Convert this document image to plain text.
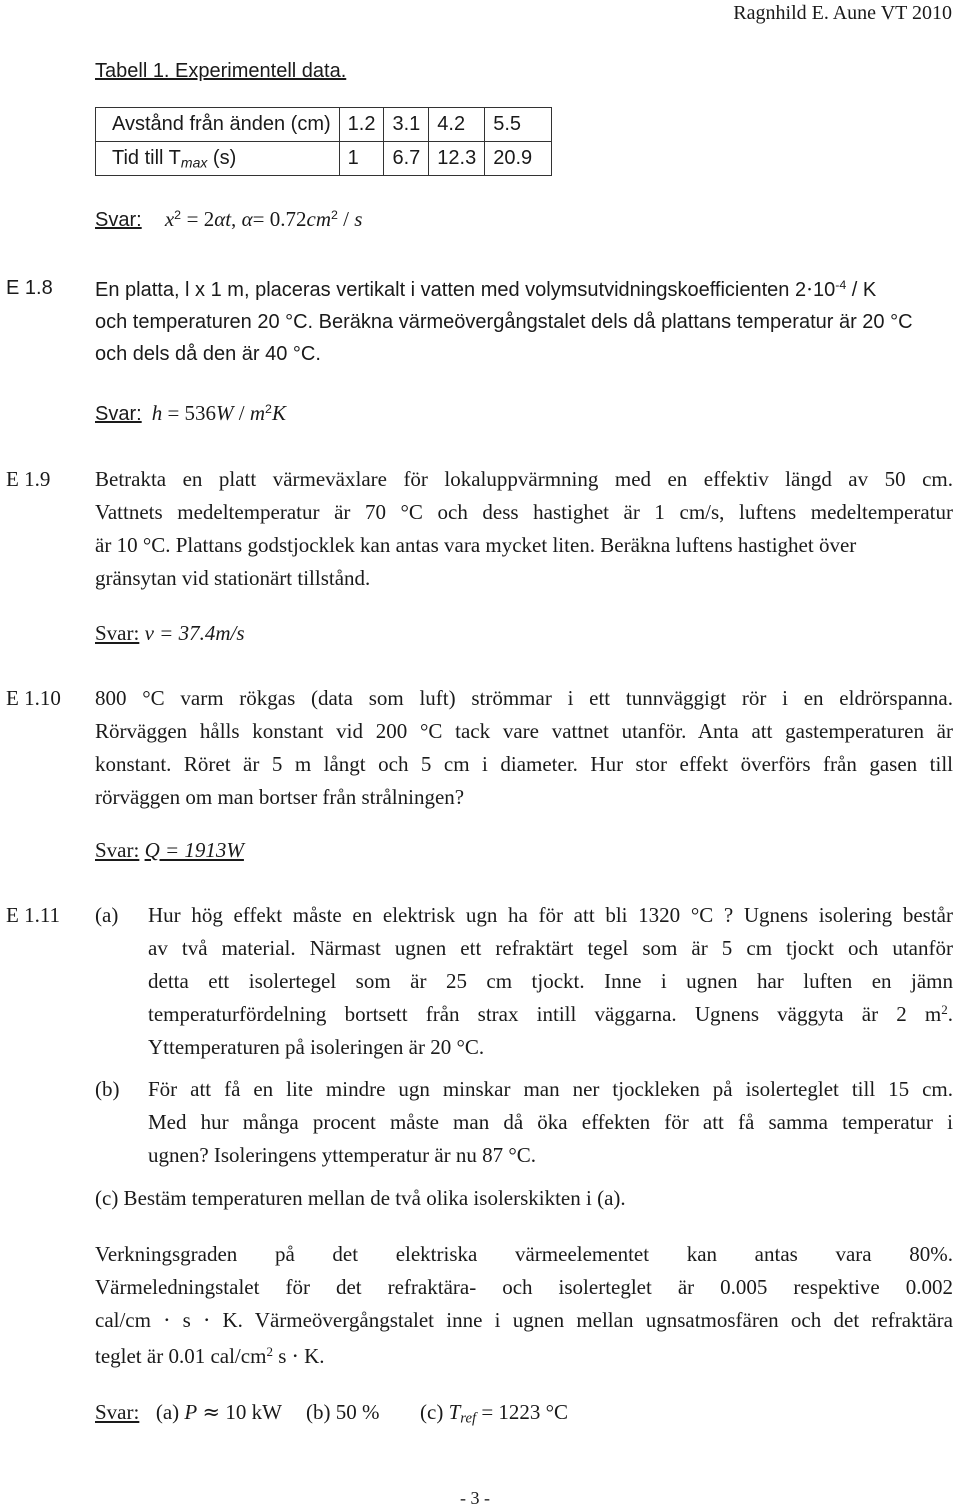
Ragnhild E. Aune VT 2010
Tabell 1. Experimentell data.
Avstånd från änden (cm)	1.2	3.1	4.2	5.5
Tid till $T_{max}$ (s)	1	6.7	12.3	20.9
Svar: $x^2 = 2\alpha t$, $\alpha= 0.72cm^2 / s$
E 1.8 En platta, l x 1 m, placeras vertikalt i vatten med volymsutvidningskoefficienten $2\cdot 10^{-4} / K$
och temperaturen 20 °C. Beräkna värmeövergångstalet dels då plattans temperatur är 20 °C
och dels då den är 40 °C.
Svar: $h = 536W / m^2K$
E 1.9 Betrakta en platt värmeväxlare för lokaluppvärmning med en effektiv längd av 50 cm.
Vattnets medeltemperatur är 70 °C och dess hastighet är 1 cm/s, luftens medeltemperatur
är 10 °C. Plattans godstjocklek kan antas vara mycket liten. Beräkna luftens hastighet över
gränsytan vid stationärt tillstånd.
Svar: v = 37.4m/s
E 1.10 800 °C varm rökgas (data som luft) strömmar i ett tunnväggigt rör i en eldrörspanna.
Rörväggen hålls konstant vid 200 °C tack vare vattnet utanför. Anta att gastemperaturen är
konstant. Röret är 5 m långt och 5 cm i diameter. Hur stor effekt överförs från gasen till
rörväggen om man bortser från strålningen?
Svar: Q = 1913W
E 1.11 (a) Hur hög effekt måste en elektrisk ugn ha för att bli 1320 °C ? Ugnens isolering består
av två material. Närmast ugnen ett refraktärt tegel som är 5 cm tjockt och utanför
detta ett isolertegel som är 25 cm tjockt. Inne i ugnen har luften en jämn
temperaturfördelning bortsett från strax intill väggarna. Ugnens väggyta är 2 $m^2$.
Yttemperaturen på isoleringen är 20 °C.
(b) För att få en lite mindre ugn minskar man ner tjockleken på isolerteglet till 15 cm.
Med hur många procent måste man då öka effekten för att få samma temperatur i
ugnen? Isoleringens yttemperatur är nu 87 °C.
(c) Bestäm temperaturen mellan de två olika isolerskikten i (a).
Verkningsgraden på det elektriska värmeelementet kan antas vara 80%.
Värmeledningstalet för det refraktära- och isolerteglet är 0.005 respektive 0.002
cal/cm ⋅ s ⋅ K. Värmeövergångstalet inne i ugnen mellan ugnsatmosfären och det refraktära
teglet är 0.01 cal/$cm^2$ s ⋅ K.
Svar: (a) P ≈ 10 kW (b) 50 % (c) $T_{ref} = 1223$ °C
- 3 -
